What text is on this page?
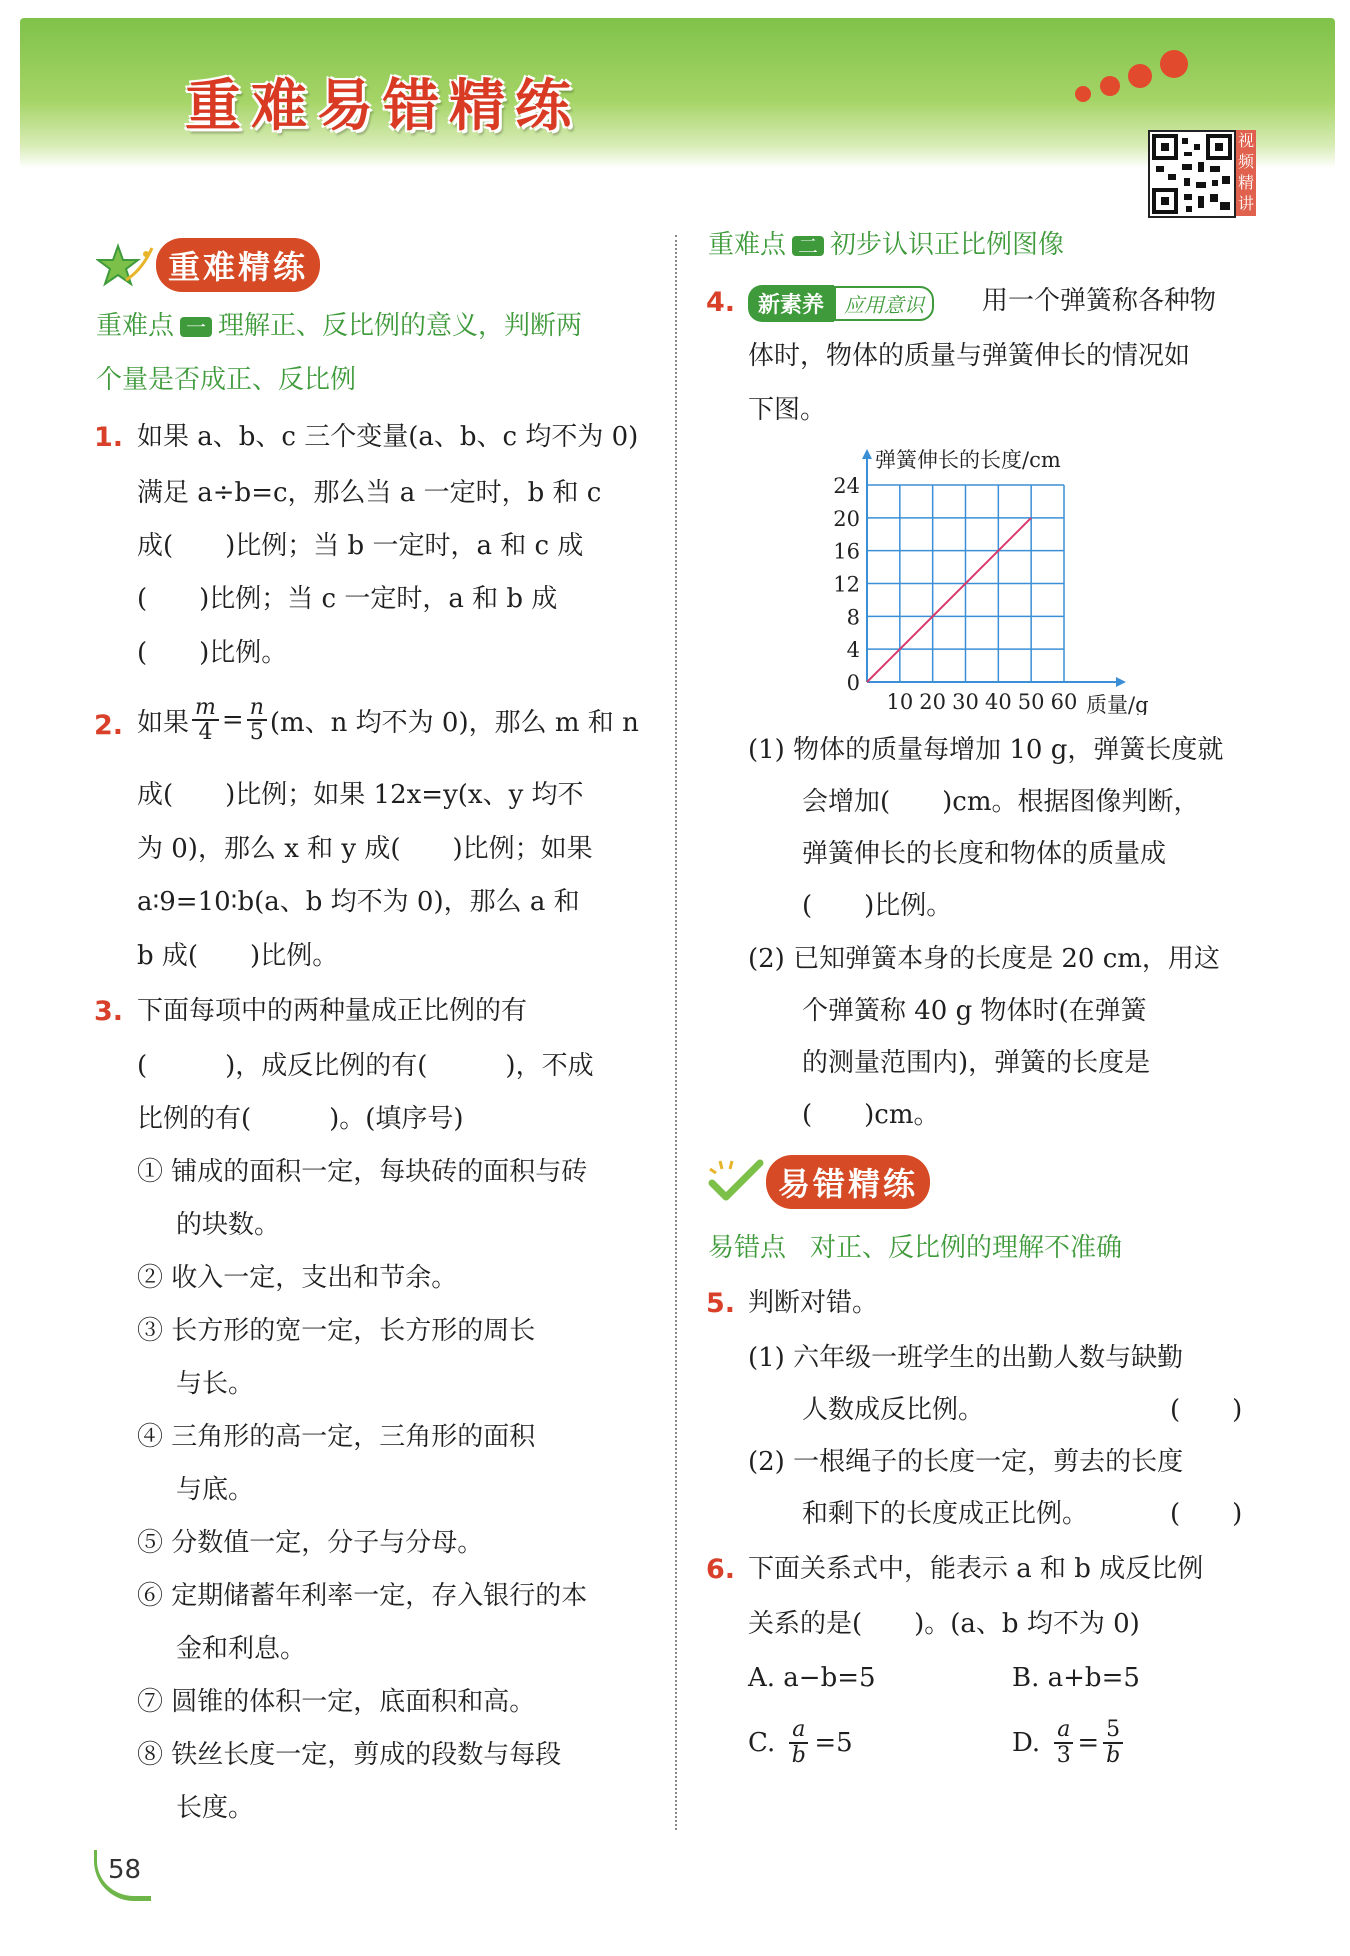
重难易错精练
视频精讲
重难精练
重难点 一 理解正、反比例的意义，判断两
个量是否成正、反比例
1. 如果 a、b、c 三个变量(a、b、c 均不为 0)
满足 a÷b=c，那么当 a 一定时，b 和 c
成(　　)比例；当 b 一定时，a 和 c 成
(　　)比例；当 c 一定时，a 和 b 成
(　　)比例。
2. 如果 $\frac{m}{4} = \frac{n}{5} (m$、n 均不为 0)，那么 m 和 n
成(　　)比例；如果 12x=y(x、y 均不
为 0)，那么 x 和 y 成(　　)比例；如果
a∶9=10∶b(a、b 均不为 0)，那么 a 和
b 成(　　)比例。
3. 下面每项中的两种量成正比例的有
(　　　)，成反比例的有(　　　)，不成
比例的有(　　　)。(填序号)
① 铺成的面积一定，每块砖的面积与砖
的块数。
② 收入一定，支出和节余。
③ 长方形的宽一定，长方形的周长
与长。
④ 三角形的高一定，三角形的面积
与底。
⑤ 分数值一定，分子与分母。
⑥ 定期储蓄年利率一定，存入银行的本
金和利息。
⑦ 圆锥的体积一定，底面积和高。
⑧ 铁丝长度一定，剪成的段数与每段
长度。
重难点 二 初步认识正比例图像
4.	新素养	应用意识	用一个弹簧称各种物
体时，物体的质量与弹簧伸长的情况如
下图。
0
4
8
12
16
20
24
10 20 30 40 50 60
弹簧伸长的长度/cm
质量/g
(1) 物体的质量每增加 10 g，弹簧长度就
会增加(　　)cm。根据图像判断，
弹簧伸长的长度和物体的质量成
(　　)比例。
(2) 已知弹簧本身的长度是 20 cm，用这
个弹簧称 40 g 物体时(在弹簧
的测量范围内)，弹簧的长度是
(　　)cm。
易错精练
易错点 对正、反比例的理解不准确
5. 判断对错。
(1) 六年级一班学生的出勤人数与缺勤
人数成反比例。	(　　)
(2) 一根绳子的长度一定，剪去的长度
和剩下的长度成正比例。	(　　)
6. 下面关系式中，能表示 a 和 b 成反比例
关系的是(　　)。(a、b 均不为 0)
A. a−b=5	B. a+b=5
C. $\frac{a}{b} =5$	D. $\frac{a}{3} = \frac{5}{b}$
58
